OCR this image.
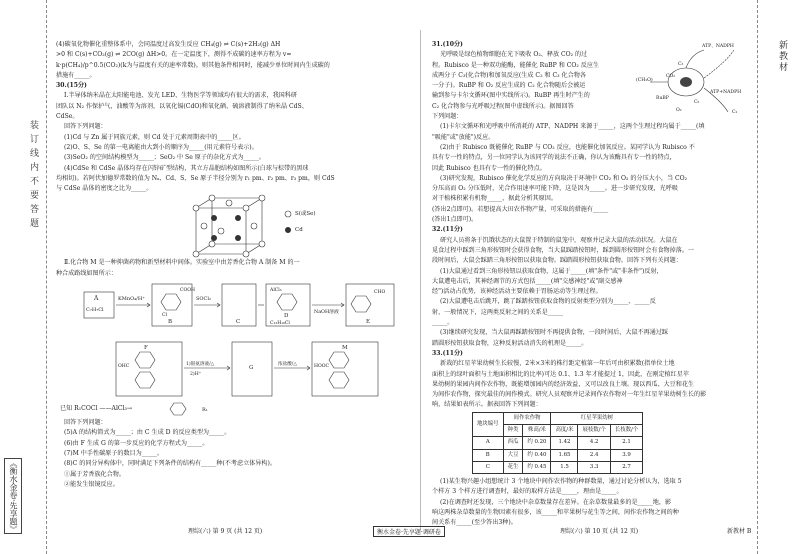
装订线内不要答题
《衡水金卷·先享题》

(4)碳氧化物催化重整体系中，会同温度过高发生反应 CH₄(g) ⇌ C(s)+2H₂(g) ΔH

>0 和 C(s)+CO₂(g) ⇌ 2CO(g) ΔH>0。在一定温度下，测得不成碳的速率方程为 v=

k·p(CH₄)/p^0.5(CO₂)(k为与温度有关的速率常数)。则其他条件相同时，能减少单位时间内生成碳的

措施有_____。

30.(15分)

Ⅰ.半导体纳米晶在太阳能电池、发光 LED、生物医学等领域均有很大的需求，我国科研

团队以 N₂ 作保护气，油酸等为溶剂，以氧化镉(CdO)和氧化硒、硫溶液制得了纳米晶 CdS、

CdSe。

回答下列问题：

(1)Cd 与 Zn 属于同族元素，则 Cd 处于元素周期表中的_____区。

(2)O、S、Se 的第一电离能由大到小的顺序为_____(用元素符号表示)。

(3)SeO₂ 的空间结构模型为_____；SeO₂ 中 Se 原子的杂化方式为_____。

(4)CdSe 和 CdSe 晶体均存在闪锌矿型结构，其立方晶胞结构如图所示(白球与棕带的黑球

均相切)。若阿伏加德罗常数的值为 Nₐ、Cd、S、Se 原子半径分别为 r₁ pm、r₂ pm、r₃ pm，则 CdS

与 CdSe 晶体的密度之比为_____。

S(或Se)
Cd

Ⅱ.化合物 M 是一种抑菌药物和新型材料中间体。实验室中由芳香化合物 A 制备 M 的一

种合成路线如图所示：

A
C₇H₇Cl
KMnO₄/H⁺
B
COOH
Cl
SOCl₂
C
AlCl₃
D
C₁₃H₁₀Cl
NaOH溶液
E
CHO
F
OHC	1)银氨溶液/△
2)H⁺
G
浓盐酸/△
M
HOOC
已知 R₁COCl ——AlCl₃→	R₁

回答下列问题：

(5)A 的结构简式为_____；由 C 生成 D 的反应类型为_____。

(6)由 F 生成 G 的第一步反应的化学方程式为_____。

(7)M 中手性碳原子的数目为_____。

(8)C 的同分异构体中，同时满足下列条件的结构有_____种(不考虑立体异构)。

①属于芳香族化合物。

②能发生银镜反应。

31.(10分)

光呼吸是绿色植物细胞在光下吸收 O₂、释放 CO₂ 的过

程。Rubisco 是一种双功能酶，能催化 RuBP 和 CO₂ 反应生

成两分子 C₃(化合物)和加氧反应(生成 C₂ 和 C₃ 化合物各

一分子)。RuBP 和 O₂ 反应生成的 C₂ 化合物随后会被运

输到参与卡尔文循环(图中实线所示)。RuBP 再生时产生的

C₂ 化合物参与光呼吸过程(图中虚线所示)。据图回答

下列问题：

ATP、NADPH
ATP+NADPH
C₃
C₅
CO₂
(CH₂O)
RuBP
O₂	C₂

(1)卡尔文循环和光呼吸中所消耗的 ATP、NADPH 来源于_____，这两个生理过程均属于_____(填

"吸能"或"放能")反应。

(2)由于 Rubisco 既能催化 RuBP 与 CO₂ 反应，也能催化加氧反应。某同学认为 Rubisco 不

具有专一性的特点，另一位同学认为该同学的说法不正确，你认为该酶具有专一性的特点，

因此 Rubisco 也具有专一性的催化特点。

(3)研究发现，Rubisco 催化化学反应的方向取决于环境中 CO₂ 和 O₂ 的分压大小，当 CO₂

分压高而 O₂ 分压低时，光合作用速率可能下降，这是因为_____。进一步研究发现，光呼吸

对干植株积累有机物_____，据此分析其原因。

(答出2点即可)。若想提高大田农作物产量，可采取的措施有_____

(答出1点即可)。

32.(11分)

研究人员将条于饥饿状态的大鼠置于特制的鼠笼中，观察并记录大鼠的活动状况。大鼠在

觅食过程中踩到三角形按钮时会获得食物，当大鼠踩踏按钮时，踩到圆形按钮时会有食物掉落。一

段时间后，大鼠会踩踏三角形按钮以获取食物。踩踏圆形按钮获取食物。回答下列有关问题：

(1)大鼠通过看到三角形按钮以获取食物，这属于_____(填"条件"或"非条件")反射，

大鼠遭电击后，其神经调节的方式包括_____(填"交感神经"或"副交感神

经")活动占优势，该神经活动主要依赖于胃肠运动等生理过程。

(2)大鼠遭电击后跳开，跳了踩踏按钮获取食物的反射类型分别为_____、_____反

射，一般情况下，这两类反射之间的关系是_____

_____。

(3)继续研究发现，当大鼠再踩踏按钮时不再提供食物，一段时间后，大鼠不再通过踩

踏圆形按钮获取食物，这种反射活动消失的机理是_____。

33.(11分)

新栽的红星苹果幼树生长较慢，2米×3米的株行距定植第一年后可由积累数(指单位土地

面积上的绿叶面积与土地面积相比的比率)可达 0.1、1.3 年才能提过 1，因此，在刚定植红星苹

果幼树的果园内间作农作物，既能增加园内的经济效益，又可以改良土壤。现以西瓜、大豆和花生

为间作农作物，探究最佳的间作模式。研究人员观察并记录间作农作物对一年生红星苹果幼树生长的影

响，结果如表所示。据表回答下列问题：

地块编号	间作农作物		红星苹果幼树		
	种类	株高/米	高度/米	展枝数/个	长枝数/个
A	西瓜	约 0.20	1.42	4.2	2.1
B	大豆	约 0.40	1.65	2.4	3.9
C	花生	约 0.45	1.5	3.3	2.7

(1)某生物兴趣小组想统计 3 个地块中间作农作物的种群数量，通过讨论分析认为，选取 5

个样方 3 个样方进行调查时，最好的取样方法是_____，理由是_____。

(2)在调查时还发现，三个地块中杂草数量存在差异。在杂草数量最多的是_____地，影

响这两株杂草数量的生物因素有很多，该_____和苹果树与花生等之间，间作农作物之间的种

间关系有_____(至少答出3种)。

新教材
理综(六) 第 9 页 (共 12 页)	衡水金卷·先享题·调研卷	理综(六) 第 10 页 (共 12 页)	新教材 B
